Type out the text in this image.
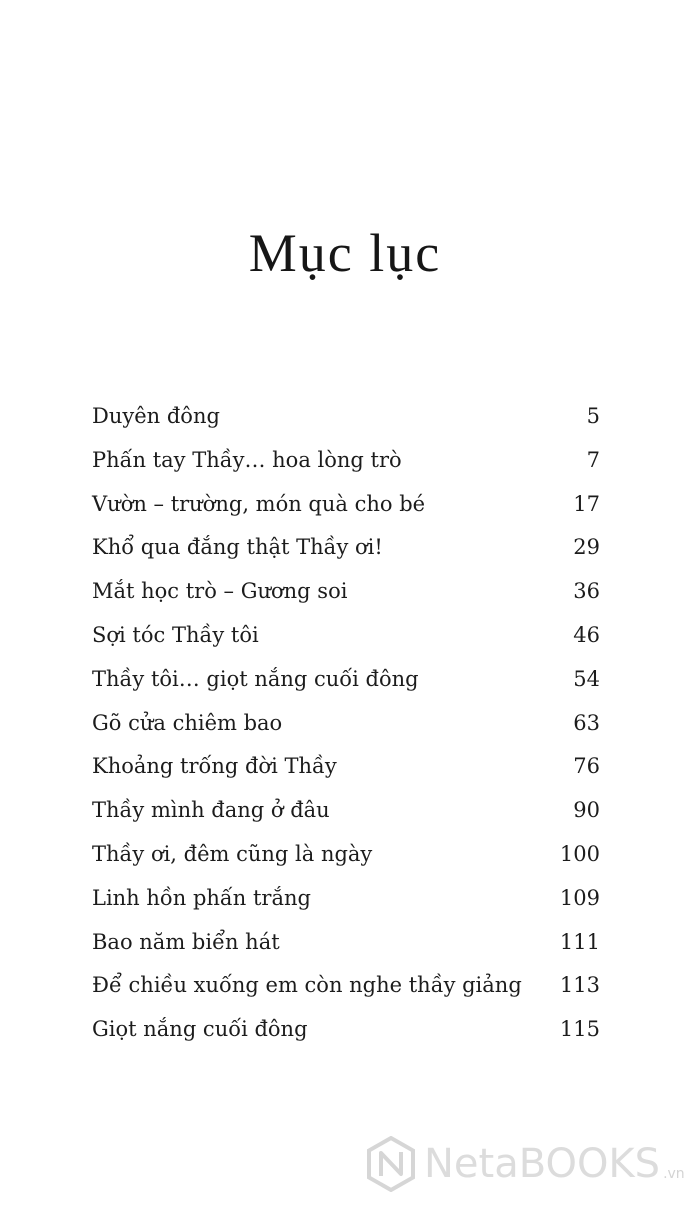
Mục lục
Duyên đông	5
Phấn tay Thầy… hoa lòng trò	7
Vườn – trường, món quà cho bé	17
Khổ qua đắng thật Thầy ơi!	29
Mắt học trò – Gương soi	36
Sợi tóc Thầy tôi	46
Thầy tôi… giọt nắng cuối đông	54
Gõ cửa chiêm bao	63
Khoảng trống đời Thầy	76
Thầy mình đang ở đâu	90
Thầy ơi, đêm cũng là ngày	100
Linh hồn phấn trắng	109
Bao năm biển hát	111
Để chiều xuống em còn nghe thầy giảng 113
Giọt nắng cuối đông	115
NetaBOOKS .vn
